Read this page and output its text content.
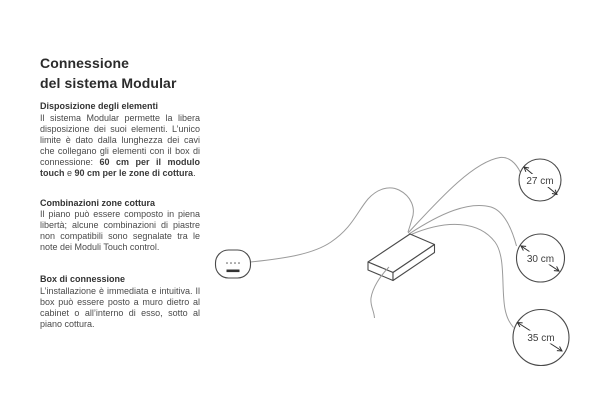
Connessione
del sistema Modular
Disposizione degli elementi

Il sistema Modular permette la libera disposizione dei suoi elementi. L’unico limite è dato dalla lunghezza dei cavi che collegano gli elementi con il box di connessione: 60 cm per il modulo touch e 90 cm per le zone di cottura.

Combinazioni zone cottura

Il piano può essere composto in piena libertà; alcune combinazioni di piastre non compatibili sono segnalate tra le note dei Moduli Touch control.

Box di connessione

L’installazione è immediata e intuitiva. Il box può essere posto a muro dietro al cabinet o all’interno di esso, sotto al piano cottura.

27 cm
30 cm
35 cm
